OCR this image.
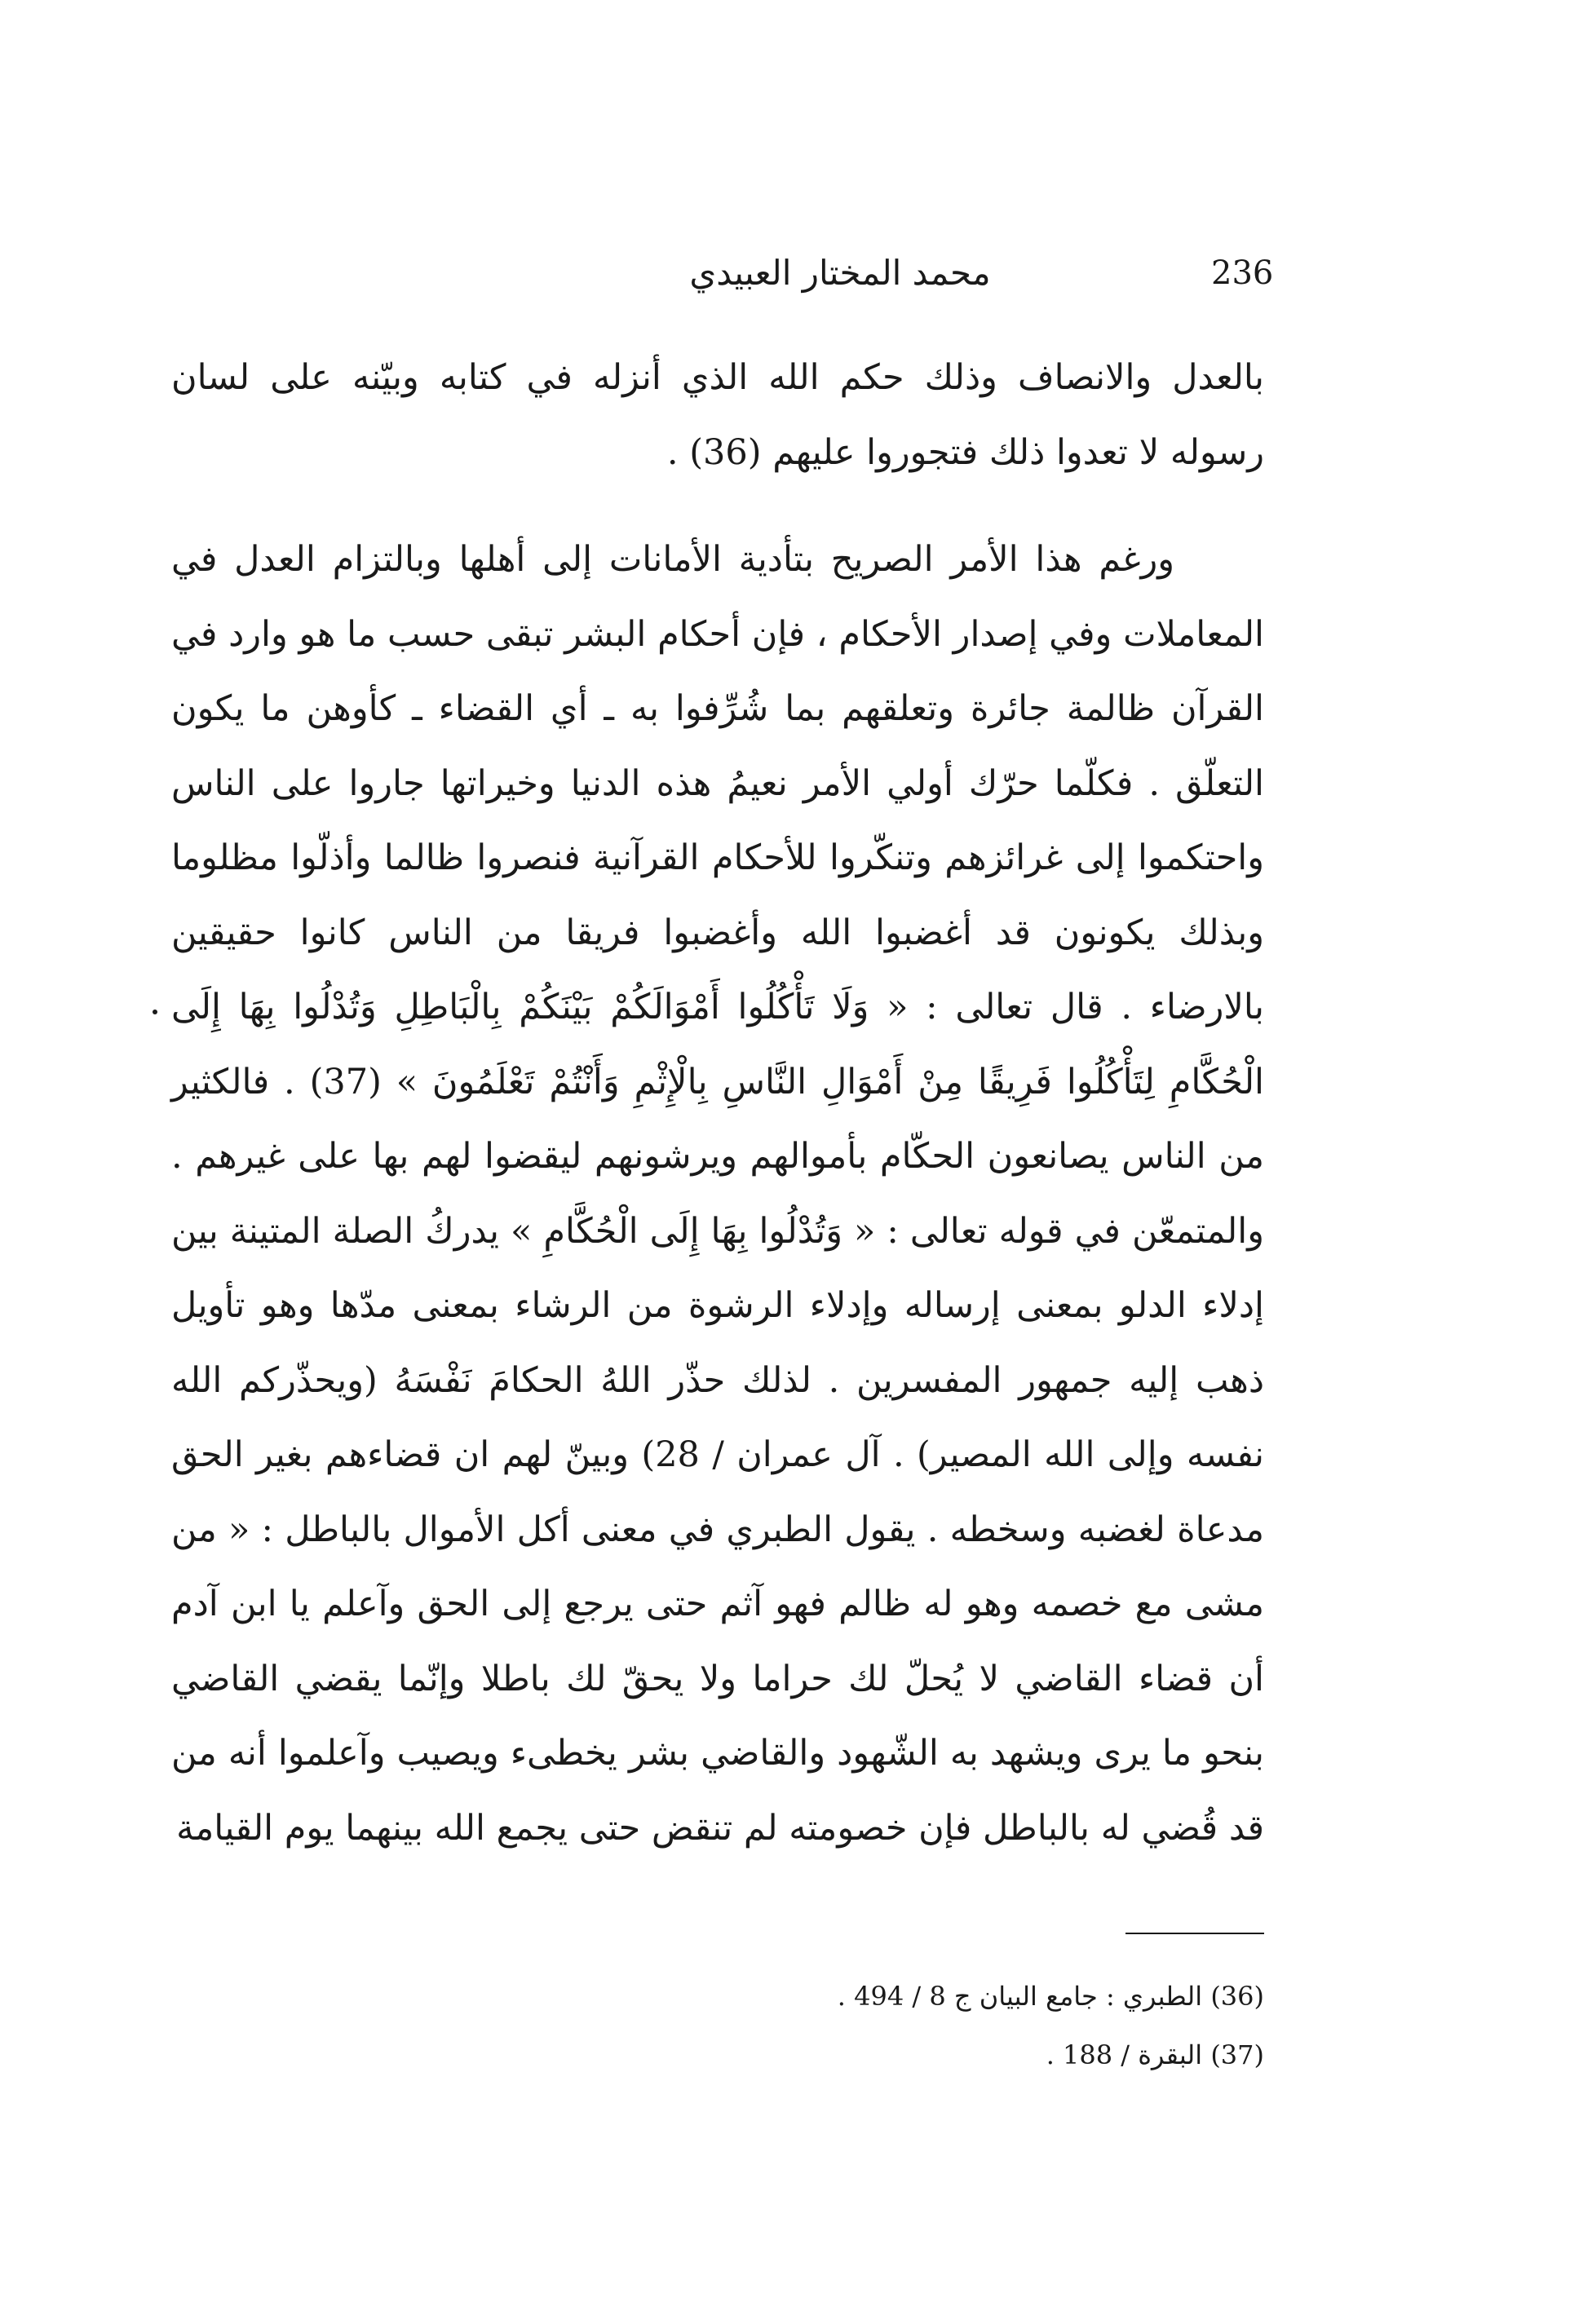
236
محمد المختار العبيدي

بالعدل والانصاف وذلك حكم الله الذي أنزله في كتابه وبيّنه على لسان رسوله لا تعدوا ذلك فتجوروا عليهم (36) .

ورغم هذا الأمر الصريح بتأدية الأمانات إلى أهلها وبالتزام العدل في المعاملات وفي إصدار الأحكام ، فإن أحكام البشر تبقى حسب ما هو وارد في القرآن ظالمة جائرة وتعلقهم بما شُرِّفوا به ـ أي القضاء ـ كأوهن ما يكون التعلّق . فكلّما حرّك أولي الأمر نعيمُ هذه الدنيا وخيراتها جاروا على الناس واحتكموا إلى غرائزهم وتنكّروا للأحكام القرآنية فنصروا ظالما وأذلّوا مظلوما وبذلك يكونون قد أغضبوا الله وأغضبوا فريقا من الناس كانوا حقيقين بالارضاء . قال تعالى : « وَلَا تَأْكُلُوا أَمْوَالَكُمْ بَيْنَكُمْ بِالْبَاطِلِ وَتُدْلُوا بِهَا إِلَى الْحُكَّامِ لِتَأْكُلُوا فَرِيقًا مِنْ أَمْوَالِ النَّاسِ بِالْإِثْمِ وَأَنْتُمْ تَعْلَمُونَ » (37) . فالكثير من الناس يصانعون الحكّام بأموالهم ويرشونهم ليقضوا لهم بها على غيرهم . والمتمعّن في قوله تعالى : « وَتُدْلُوا بِهَا إِلَى الْحُكَّامِ » يدركُ الصلة المتينة بين إدلاء الدلو بمعنى إرساله وإدلاء الرشوة من الرشاء بمعنى مدّها وهو تأويل ذهب إليه جمهور المفسرين . لذلك حذّر اللهُ الحكامَ نَفْسَهُ (ويحذّركم الله نفسه وإلى الله المصير) . آل عمران / 28) وبينّ لهم ان قضاءهم بغير الحق مدعاة لغضبه وسخطه . يقول الطبري في معنى أكل الأموال بالباطل : « من مشى مع خصمه وهو له ظالم فهو آثم حتى يرجع إلى الحق وآعلم يا ابن آدم أن قضاء القاضي لا يُحلّ لك حراما ولا يحقّ لك باطلا وإنّما يقضي القاضي بنحو ما يرى ويشهد به الشّهود والقاضي بشر يخطىء ويصيب وآعلموا أنه من قد قُضي له بالباطل فإن خصومته لم تنقض حتى يجمع الله بينهما يوم القيامة

(36) الطبري : جامع البيان ج 8 / 494 .

(37) البقرة / 188 .
